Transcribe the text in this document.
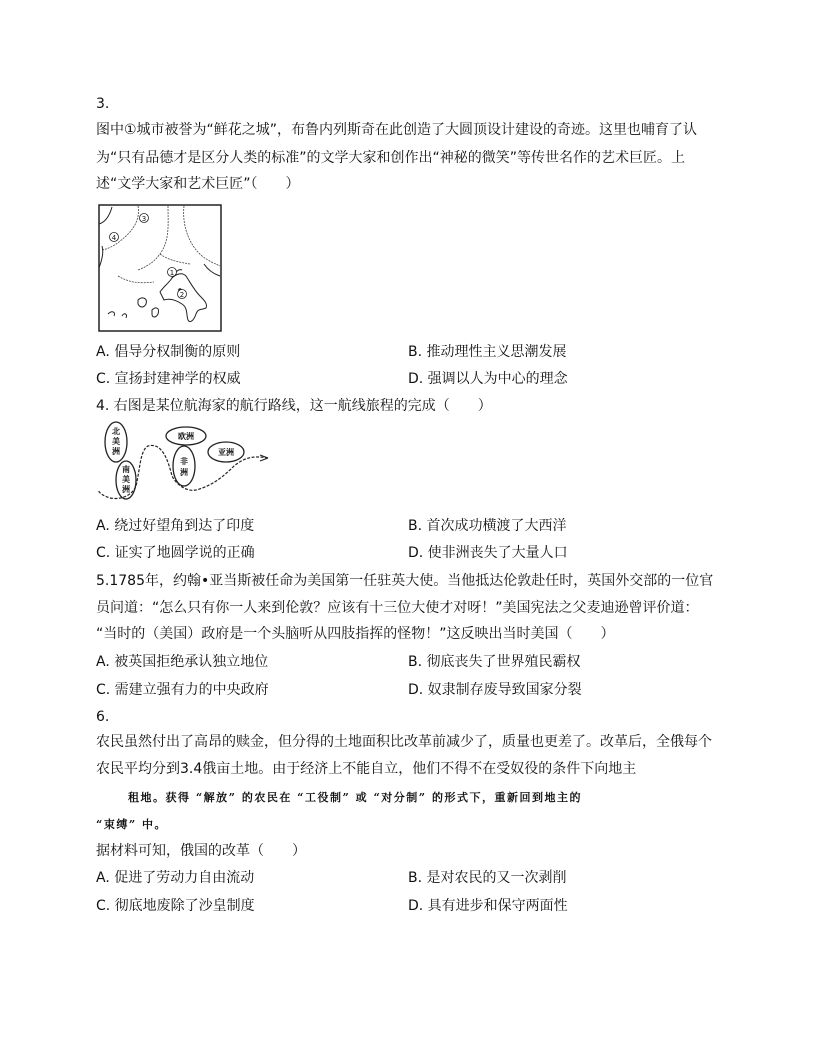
3.
图中①城市被誉为“鲜花之城”，布鲁内列斯奇在此创造了大圆顶设计建设的奇迹。这里也哺育了认
为“只有品德才是区分人类的标准”的文学大家和创作出“神秘的微笑”等传世名作的艺术巨匠。上
述“文学大家和艺术巨匠”（　　）
3
4
1
2
A. 倡导分权制衡的原则	B. 推动理性主义思潮发展
C. 宣扬封建神学的权威	D. 强调以人为中心的理念
4. 右图是某位航海家的航行路线，这一航线旅程的完成（　　）
北
美
洲
南
美
洲
欧洲
非
洲
亚洲
A. 绕过好望角到达了印度	B. 首次成功横渡了大西洋
C. 证实了地圆学说的正确	D. 使非洲丧失了大量人口
5.1785年，约翰•亚当斯被任命为美国第一任驻英大使。当他抵达伦敦赴任时，英国外交部的一位官
员问道：“怎么只有你一人来到伦敦？应该有十三位大使才对呀！”美国宪法之父麦迪逊曾评价道：
“当时的（美国）政府是一个头脑听从四肢指挥的怪物！”这反映出当时美国（　　）
A. 被英国拒绝承认独立地位	B. 彻底丧失了世界殖民霸权
C. 需建立强有力的中央政府	D. 奴隶制存废导致国家分裂
6.
农民虽然付出了高昂的赎金，但分得的土地面积比改革前减少了，质量也更差了。改革后，全俄每个
农民平均分到3.4俄亩土地。由于经济上不能自立，他们不得不在受奴役的条件下向地主
租地。获得 “解放” 的农民在 “工役制” 或 “对分制” 的形式下，重新回到地主的
“束缚” 中。
据材料可知，俄国的改革（　　）
A. 促进了劳动力自由流动	B. 是对农民的又一次剥削
C. 彻底地废除了沙皇制度	D. 具有进步和保守两面性
